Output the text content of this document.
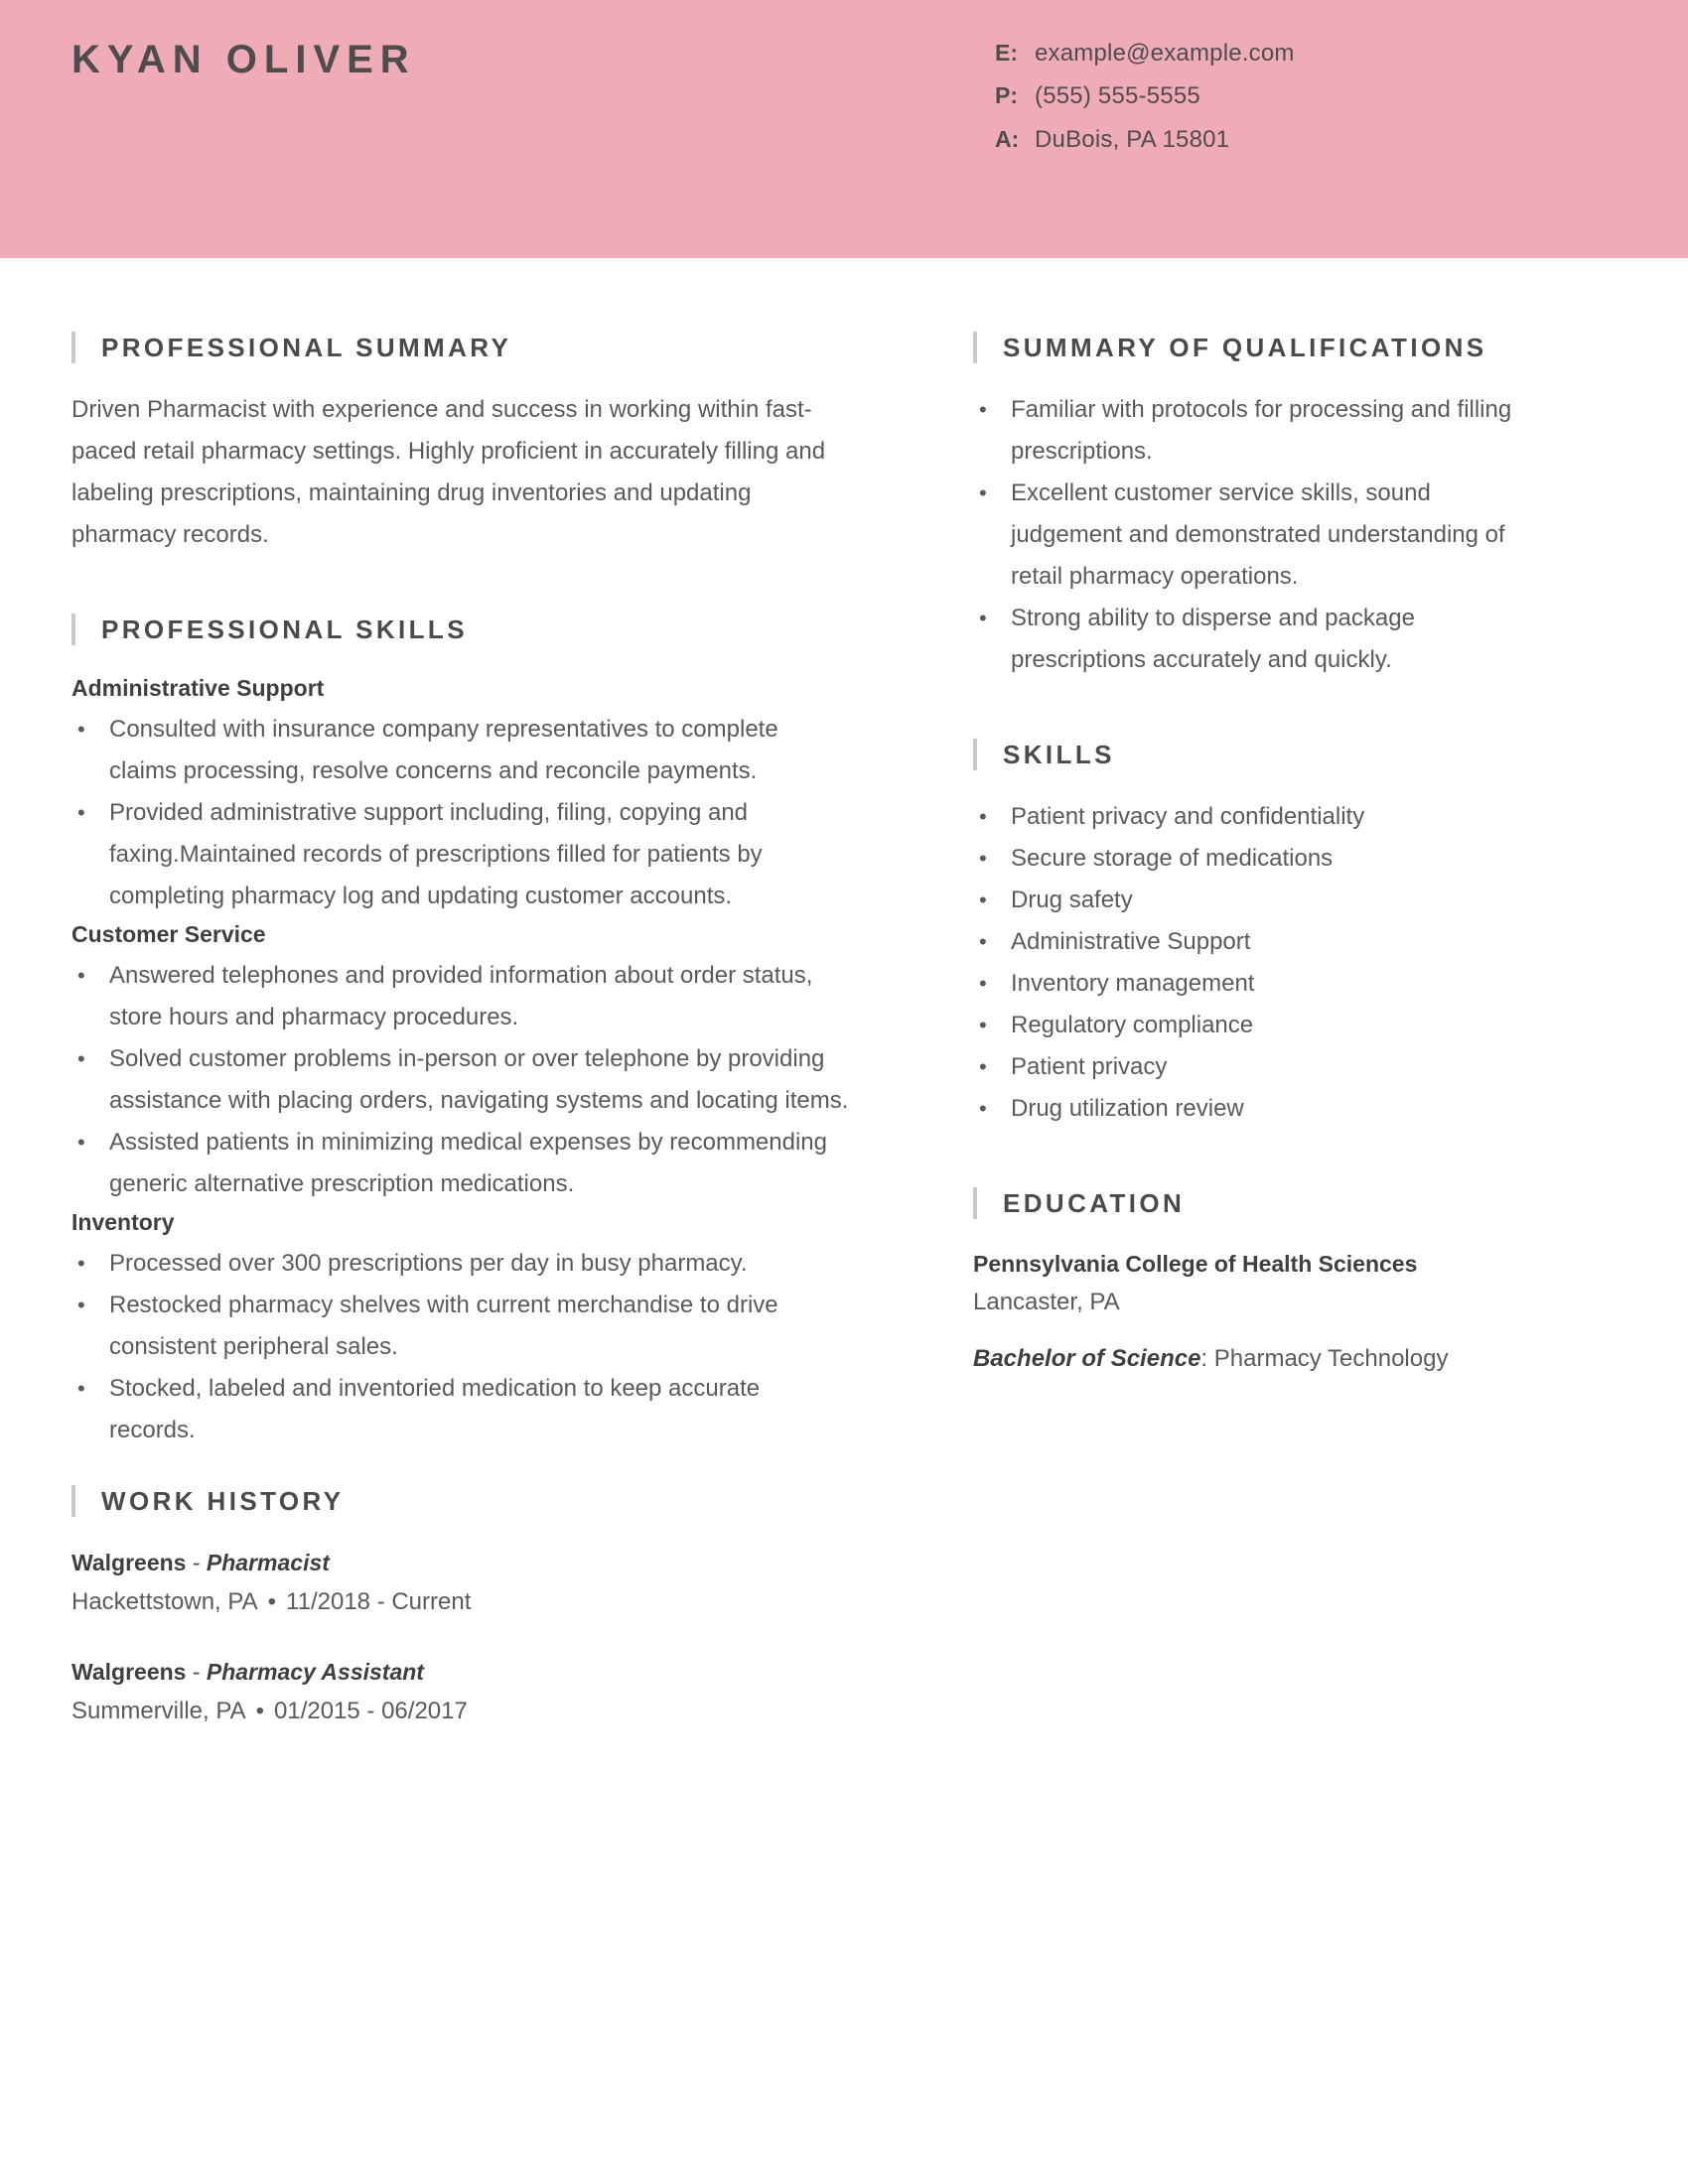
KYAN OLIVER	E: example@example.com
P: (555) 555-5555
A: DuBois, PA 15801
PROFESSIONAL SUMMARY

Driven Pharmacist with experience and success in working within fast-paced retail pharmacy settings. Highly proficient in accurately filling and labeling prescriptions, maintaining drug inventories and updating pharmacy records.

PROFESSIONAL SKILLS
Administrative Support
• Consulted with insurance company representatives to complete claims processing, resolve concerns and reconcile payments.
• Provided administrative support including, filing, copying and faxing.Maintained records of prescriptions filled for patients by completing pharmacy log and updating customer accounts.
Customer Service
• Answered telephones and provided information about order status, store hours and pharmacy procedures.
• Solved customer problems in-person or over telephone by providing assistance with placing orders, navigating systems and locating items.
• Assisted patients in minimizing medical expenses by recommending generic alternative prescription medications.
Inventory
• Processed over 300 prescriptions per day in busy pharmacy.
• Restocked pharmacy shelves with current merchandise to drive consistent peripheral sales.
• Stocked, labeled and inventoried medication to keep accurate records.
SUMMARY OF QUALIFICATIONS
• Familiar with protocols for processing and filling prescriptions.
• Excellent customer service skills, sound judgement and demonstrated understanding of retail pharmacy operations.
• Strong ability to disperse and package prescriptions accurately and quickly.
SKILLS
• Patient privacy and confidentiality
• Secure storage of medications
• Drug safety
• Administrative Support
• Inventory management
• Regulatory compliance
• Patient privacy
• Drug utilization review
EDUCATION
Pennsylvania College of Health Sciences
Lancaster, PA
Bachelor of Science: Pharmacy Technology
WORK HISTORY
Walgreens - Pharmacist
Hackettstown, PA • 11/2018 - Current
Walgreens - Pharmacy Assistant
Summerville, PA • 01/2015 - 06/2017
